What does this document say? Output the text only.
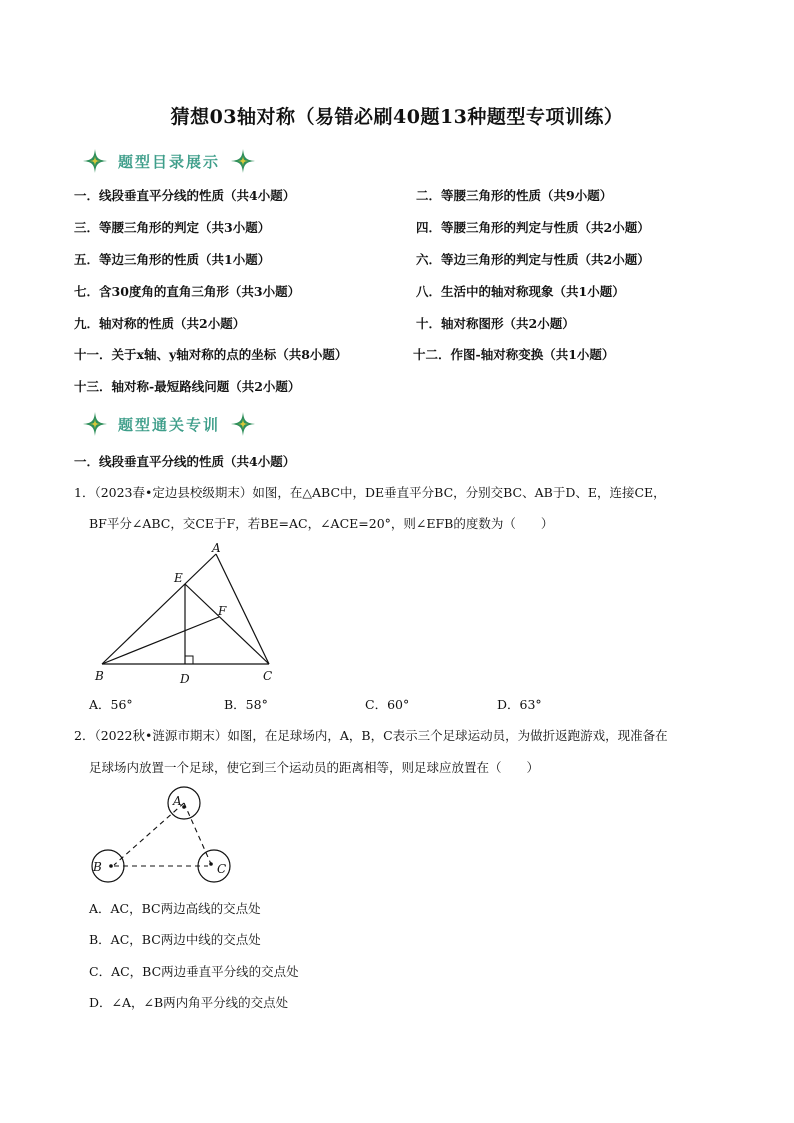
猜想03轴对称（易错必刷40题13种题型专项训练）
题型目录展示
一．线段垂直平分线的性质（共4小题）	二．等腰三角形的性质（共9小题）
三．等腰三角形的判定（共3小题）	四．等腰三角形的判定与性质（共2小题）
五．等边三角形的性质（共1小题）	六．等边三角形的判定与性质（共2小题）
七．含30度角的直角三角形（共3小题）	八．生活中的轴对称现象（共1小题）
九．轴对称的性质（共2小题）	十．轴对称图形（共2小题）
十一．关于x轴、y轴对称的点的坐标（共8小题）	十二．作图-轴对称变换（共1小题）
十三．轴对称-最短路线问题（共2小题）
题型通关专训
一．线段垂直平分线的性质（共4小题）
1．（2023春•定边县校级期末）如图，在△ABC中，DE垂直平分BC，分别交BC、AB于D、E，连接CE，
BF平分∠ABC，交CE于F，若BE=AC，∠ACE=20°，则∠EFB的度数为（　　）
A
E
F
B	D	C
A．56°	B．58°	C．60°	D．63°
2．（2022秋•涟源市期末）如图，在足球场内，A，B，C表示三个足球运动员，为做折返跑游戏，现准备在
足球场内放置一个足球，使它到三个运动员的距离相等，则足球应放置在（　　）
A
B	C
A．AC，BC两边高线的交点处
B．AC，BC两边中线的交点处
C．AC，BC两边垂直平分线的交点处
D．∠A，∠B两内角平分线的交点处
